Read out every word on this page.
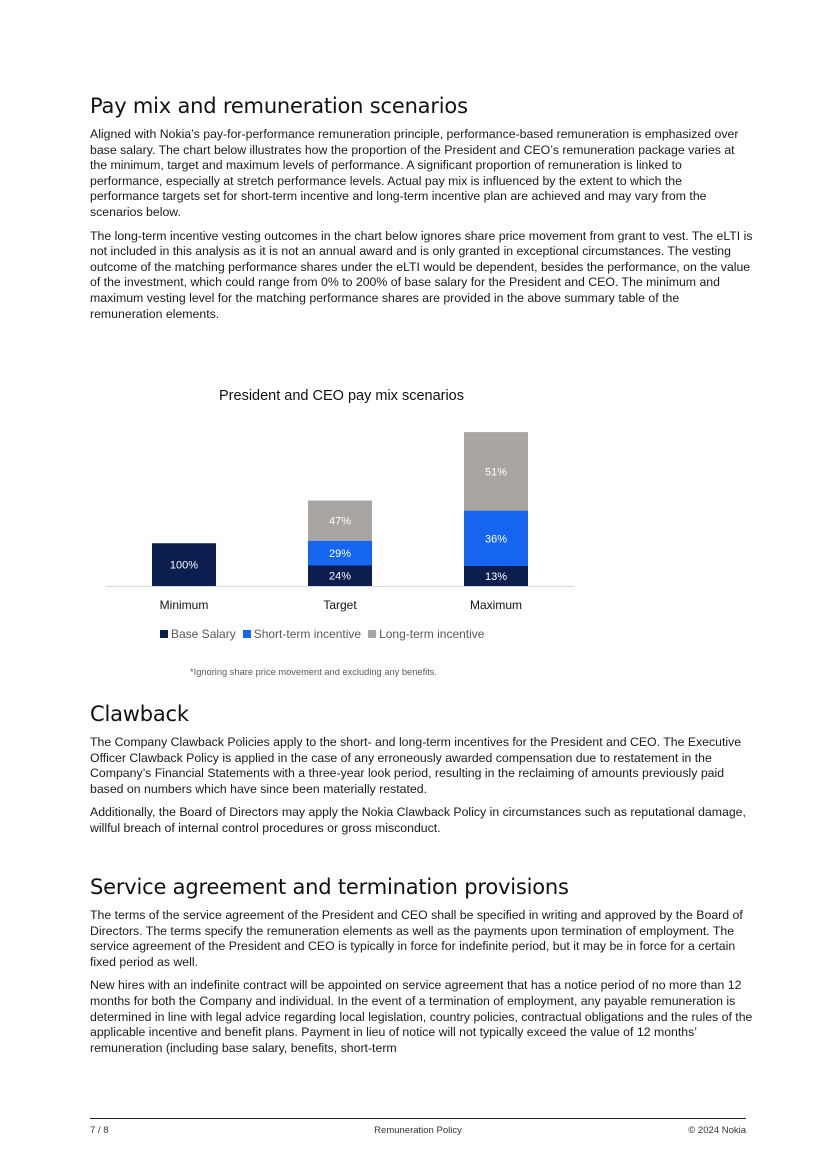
Pay mix and remuneration scenarios

Aligned with Nokia’s pay-for-performance remuneration principle, performance-based remuneration is emphasized over base salary. The chart below illustrates how the proportion of the President and CEO’s remuneration package varies at the minimum, target and maximum levels of performance. A significant proportion of remuneration is linked to performance, especially at stretch performance levels. Actual pay mix is influenced by the extent to which the performance targets set for short-term incentive and long-term incentive plan are achieved and may vary from the scenarios below.

The long-term incentive vesting outcomes in the chart below ignores share price movement from grant to vest. The eLTI is not included in this analysis as it is not an annual award and is only granted in exceptional circumstances. The vesting outcome of the matching performance shares under the eLTI would be dependent, besides the performance, on the value of the investment, which could range from 0% to 200% of base salary for the President and CEO. The minimum and maximum vesting level for the matching performance shares are provided in the above summary table of the remuneration elements.

President and CEO pay mix scenarios
100%
Minimum
24%
29%
47%
Target
13%
36%
51%
Maximum
Base Salary Short-term incentive Long-term incentive
*Ignoring share price movement and excluding any benefits.
Clawback

The Company Clawback Policies apply to the short- and long-term incentives for the President and CEO. The Executive Officer Clawback Policy is applied in the case of any erroneously awarded compensation due to restatement in the Company’s Financial Statements with a three-year look period, resulting in the reclaiming of amounts previously paid based on numbers which have since been materially restated.

Additionally, the Board of Directors may apply the Nokia Clawback Policy in circumstances such as reputational damage, willful breach of internal control procedures or gross misconduct.

Service agreement and termination provisions

The terms of the service agreement of the President and CEO shall be specified in writing and approved by the Board of Directors. The terms specify the remuneration elements as well as the payments upon termination of employment. The service agreement of the President and CEO is typically in force for indefinite period, but it may be in force for a certain fixed period as well.

New hires with an indefinite contract will be appointed on service agreement that has a notice period of no more than 12 months for both the Company and individual. In the event of a termination of employment, any payable remuneration is determined in line with legal advice regarding local legislation, country policies, contractual obligations and the rules of the applicable incentive and benefit plans. Payment in lieu of notice will not typically exceed the value of 12 months’ remuneration (including base salary, benefits, short-term

7 / 8	Remuneration Policy	© 2024 Nokia
